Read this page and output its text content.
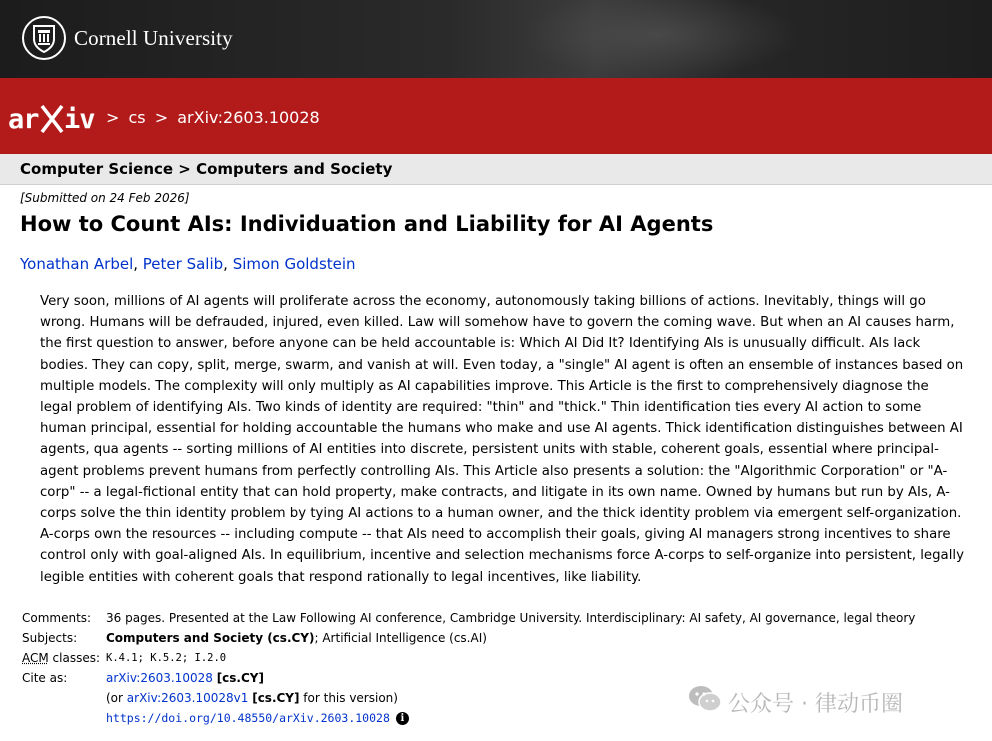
Cornell University
ar iv > cs > arXiv:2603.10028
Computer Science > Computers and Society
[Submitted on 24 Feb 2026]
How to Count AIs: Individuation and Liability for AI Agents
Yonathan Arbel, Peter Salib, Simon Goldstein
Very soon, millions of AI agents will proliferate across the economy, autonomously taking billions of actions. Inevitably, things will go wrong. Humans will be defrauded, injured, even killed. Law will somehow have to govern the coming wave. But when an AI causes harm, the first question to answer, before anyone can be held accountable is: Which AI Did It? Identifying AIs is unusually difficult. AIs lack bodies. They can copy, split, merge, swarm, and vanish at will. Even today, a "single" AI agent is often an ensemble of instances based on multiple models. The complexity will only multiply as AI capabilities improve. This Article is the first to comprehensively diagnose the legal problem of identifying AIs. Two kinds of identity are required: "thin" and "thick." Thin identification ties every AI action to some human principal, essential for holding accountable the humans who make and use AI agents. Thick identification distinguishes between AI agents, qua agents -- sorting millions of AI entities into discrete, persistent units with stable, coherent goals, essential where principal-agent problems prevent humans from perfectly controlling AIs. This Article also presents a solution: the "Algorithmic Corporation" or "A-corp" -- a legal-fictional entity that can hold property, make contracts, and litigate in its own name. Owned by humans but run by AIs, A-corps solve the thin identity problem by tying AI actions to a human owner, and the thick identity problem via emergent self-organization. A-corps own the resources -- including compute -- that AIs need to accomplish their goals, giving AI managers strong incentives to share control only with goal-aligned AIs. In equilibrium, incentive and selection mechanisms force A-corps to self-organize into persistent, legally legible entities with coherent goals that respond rationally to legal incentives, like liability.
Comments: 36 pages. Presented at the Law Following AI conference, Cambridge University. Interdisciplinary: AI safety, AI governance, legal theory
Subjects: Computers and Society (cs.CY); Artificial Intelligence (cs.AI)
ACM classes: K.4.1; K.5.2; I.2.0
Cite as:	arXiv:2603.10028 [cs.CY]
(or arXiv:2603.10028v1 [cs.CY] for this version)
https://doi.org/10.48550/arXiv.2603.10028 i
公众号 · 律动币圈
